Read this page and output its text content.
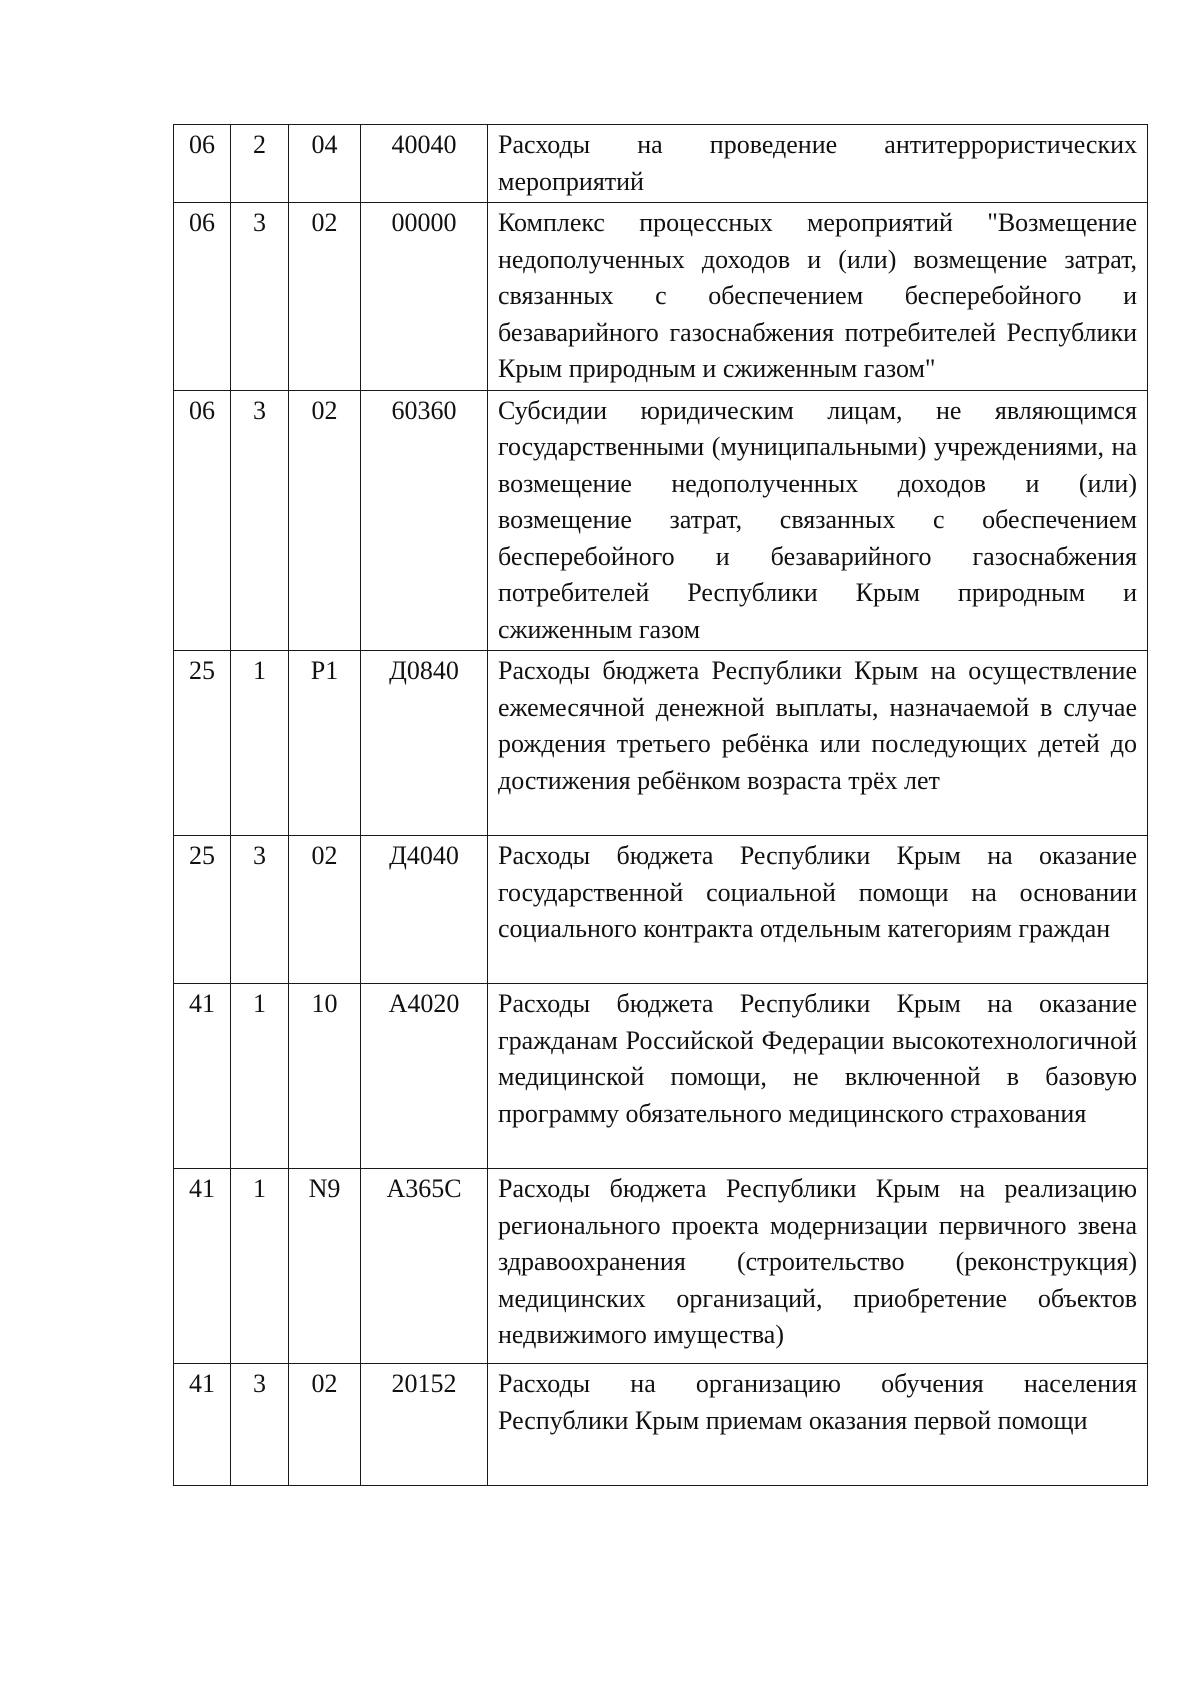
06	2	04	40040	Расходы на проведение антитеррористических мероприятий
06	3	02	00000	Комплекс процессных мероприятий "Возмещение недополученных доходов и (или) возмещение затрат, связанных с обеспечением бесперебойного и безаварийного газоснабжения потребителей Республики Крым природным и сжиженным газом"
06	3	02	60360	Субсидии юридическим лицам, не являющимся государственными (муниципальными) учреждениями, на возмещение недополученных доходов и (или) возмещение затрат, связанных с обеспечением бесперебойного и безаварийного газоснабжения потребителей Республики Крым природным и сжиженным газом
25	1	P1	Д0840	Расходы бюджета Республики Крым на осуществление ежемесячной денежной выплаты, назначаемой в случае рождения третьего ребёнка или последующих детей до достижения ребёнком возраста трёх лет
25	3	02	Д4040	Расходы бюджета Республики Крым на оказание государственной социальной помощи на основании социального контракта отдельным категориям граждан
41	1	10	А4020	Расходы бюджета Республики Крым на оказание гражданам Российской Федерации высокотехнологичной медицинской помощи, не включенной в базовую программу обязательного медицинского страхования
41	1	N9	А365С	Расходы бюджета Республики Крым на реализацию регионального проекта модернизации первичного звена здравоохранения (строительство (реконструкция) медицинских организаций, приобретение объектов недвижимого имущества)
41	3	02	20152	Расходы на организацию обучения населения Республики Крым приемам оказания первой помощи
